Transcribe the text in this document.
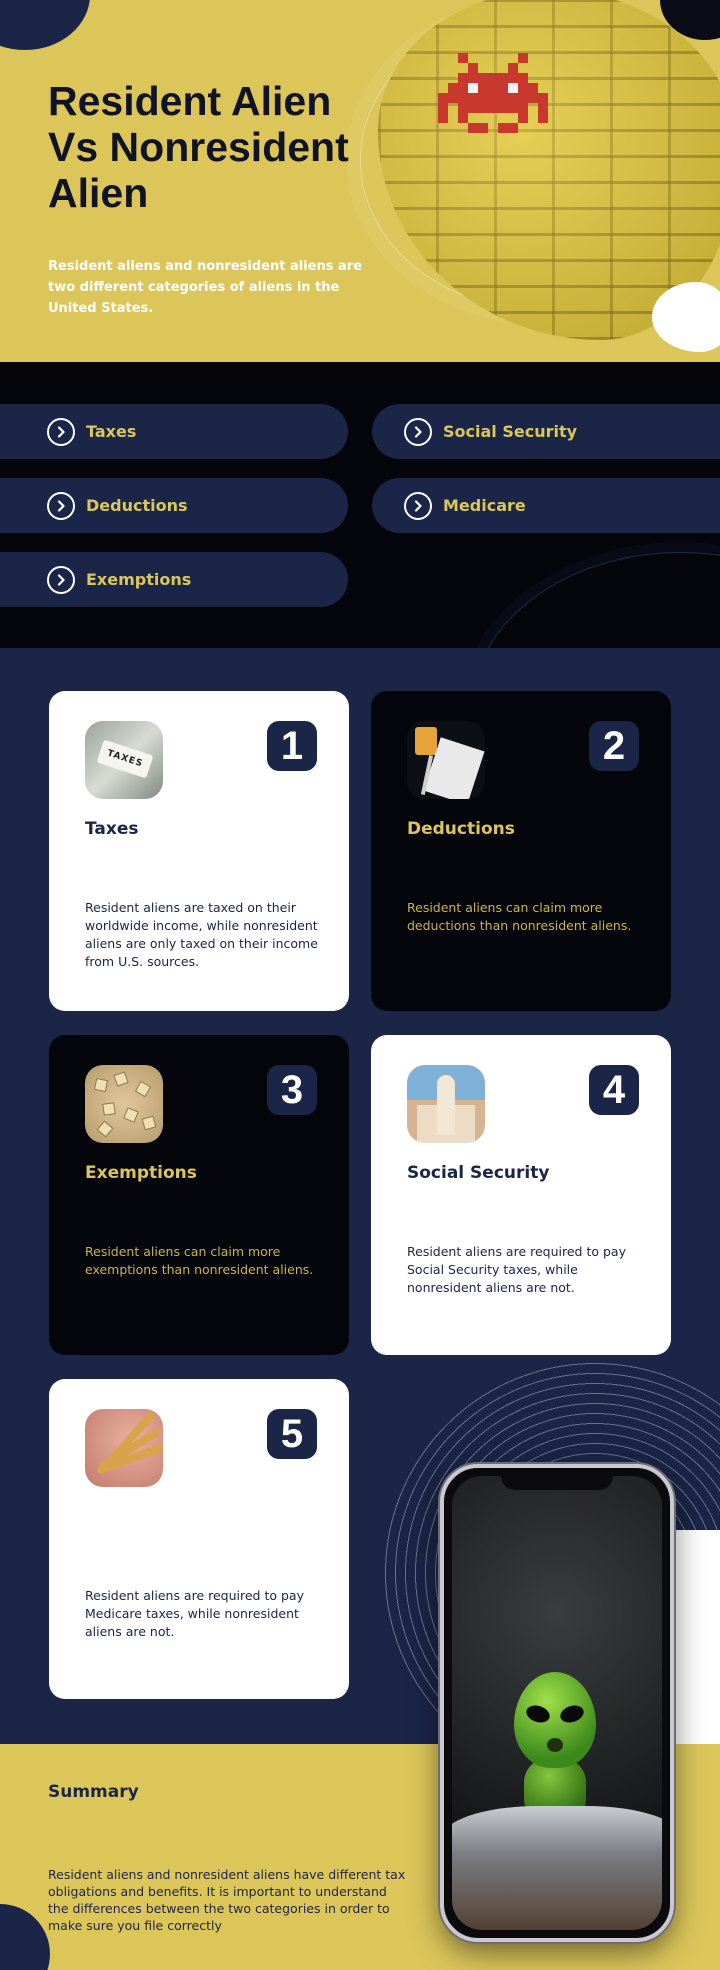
Resident Alien Vs Nonresident Alien

Resident aliens and nonresident aliens are two different categories of aliens in the United States.

Taxes	Social Security
Deductions	Medicare
Exemptions
TAXES	1
Taxes
Resident aliens are taxed on their worldwide income, while nonresident aliens are only taxed on their income from U.S. sources.
2
Deductions
Resident aliens can claim more deductions than nonresident aliens.
3
Exemptions
Resident aliens can claim more exemptions than nonresident aliens.
4
Social Security
Resident aliens are required to pay Social Security taxes, while nonresident aliens are not.
5
Resident aliens are required to pay Medicare taxes, while nonresident aliens are not.
Summary

Resident aliens and nonresident aliens have different tax obligations and benefits. It is important to understand the differences between the two categories in order to make sure you file correctly
